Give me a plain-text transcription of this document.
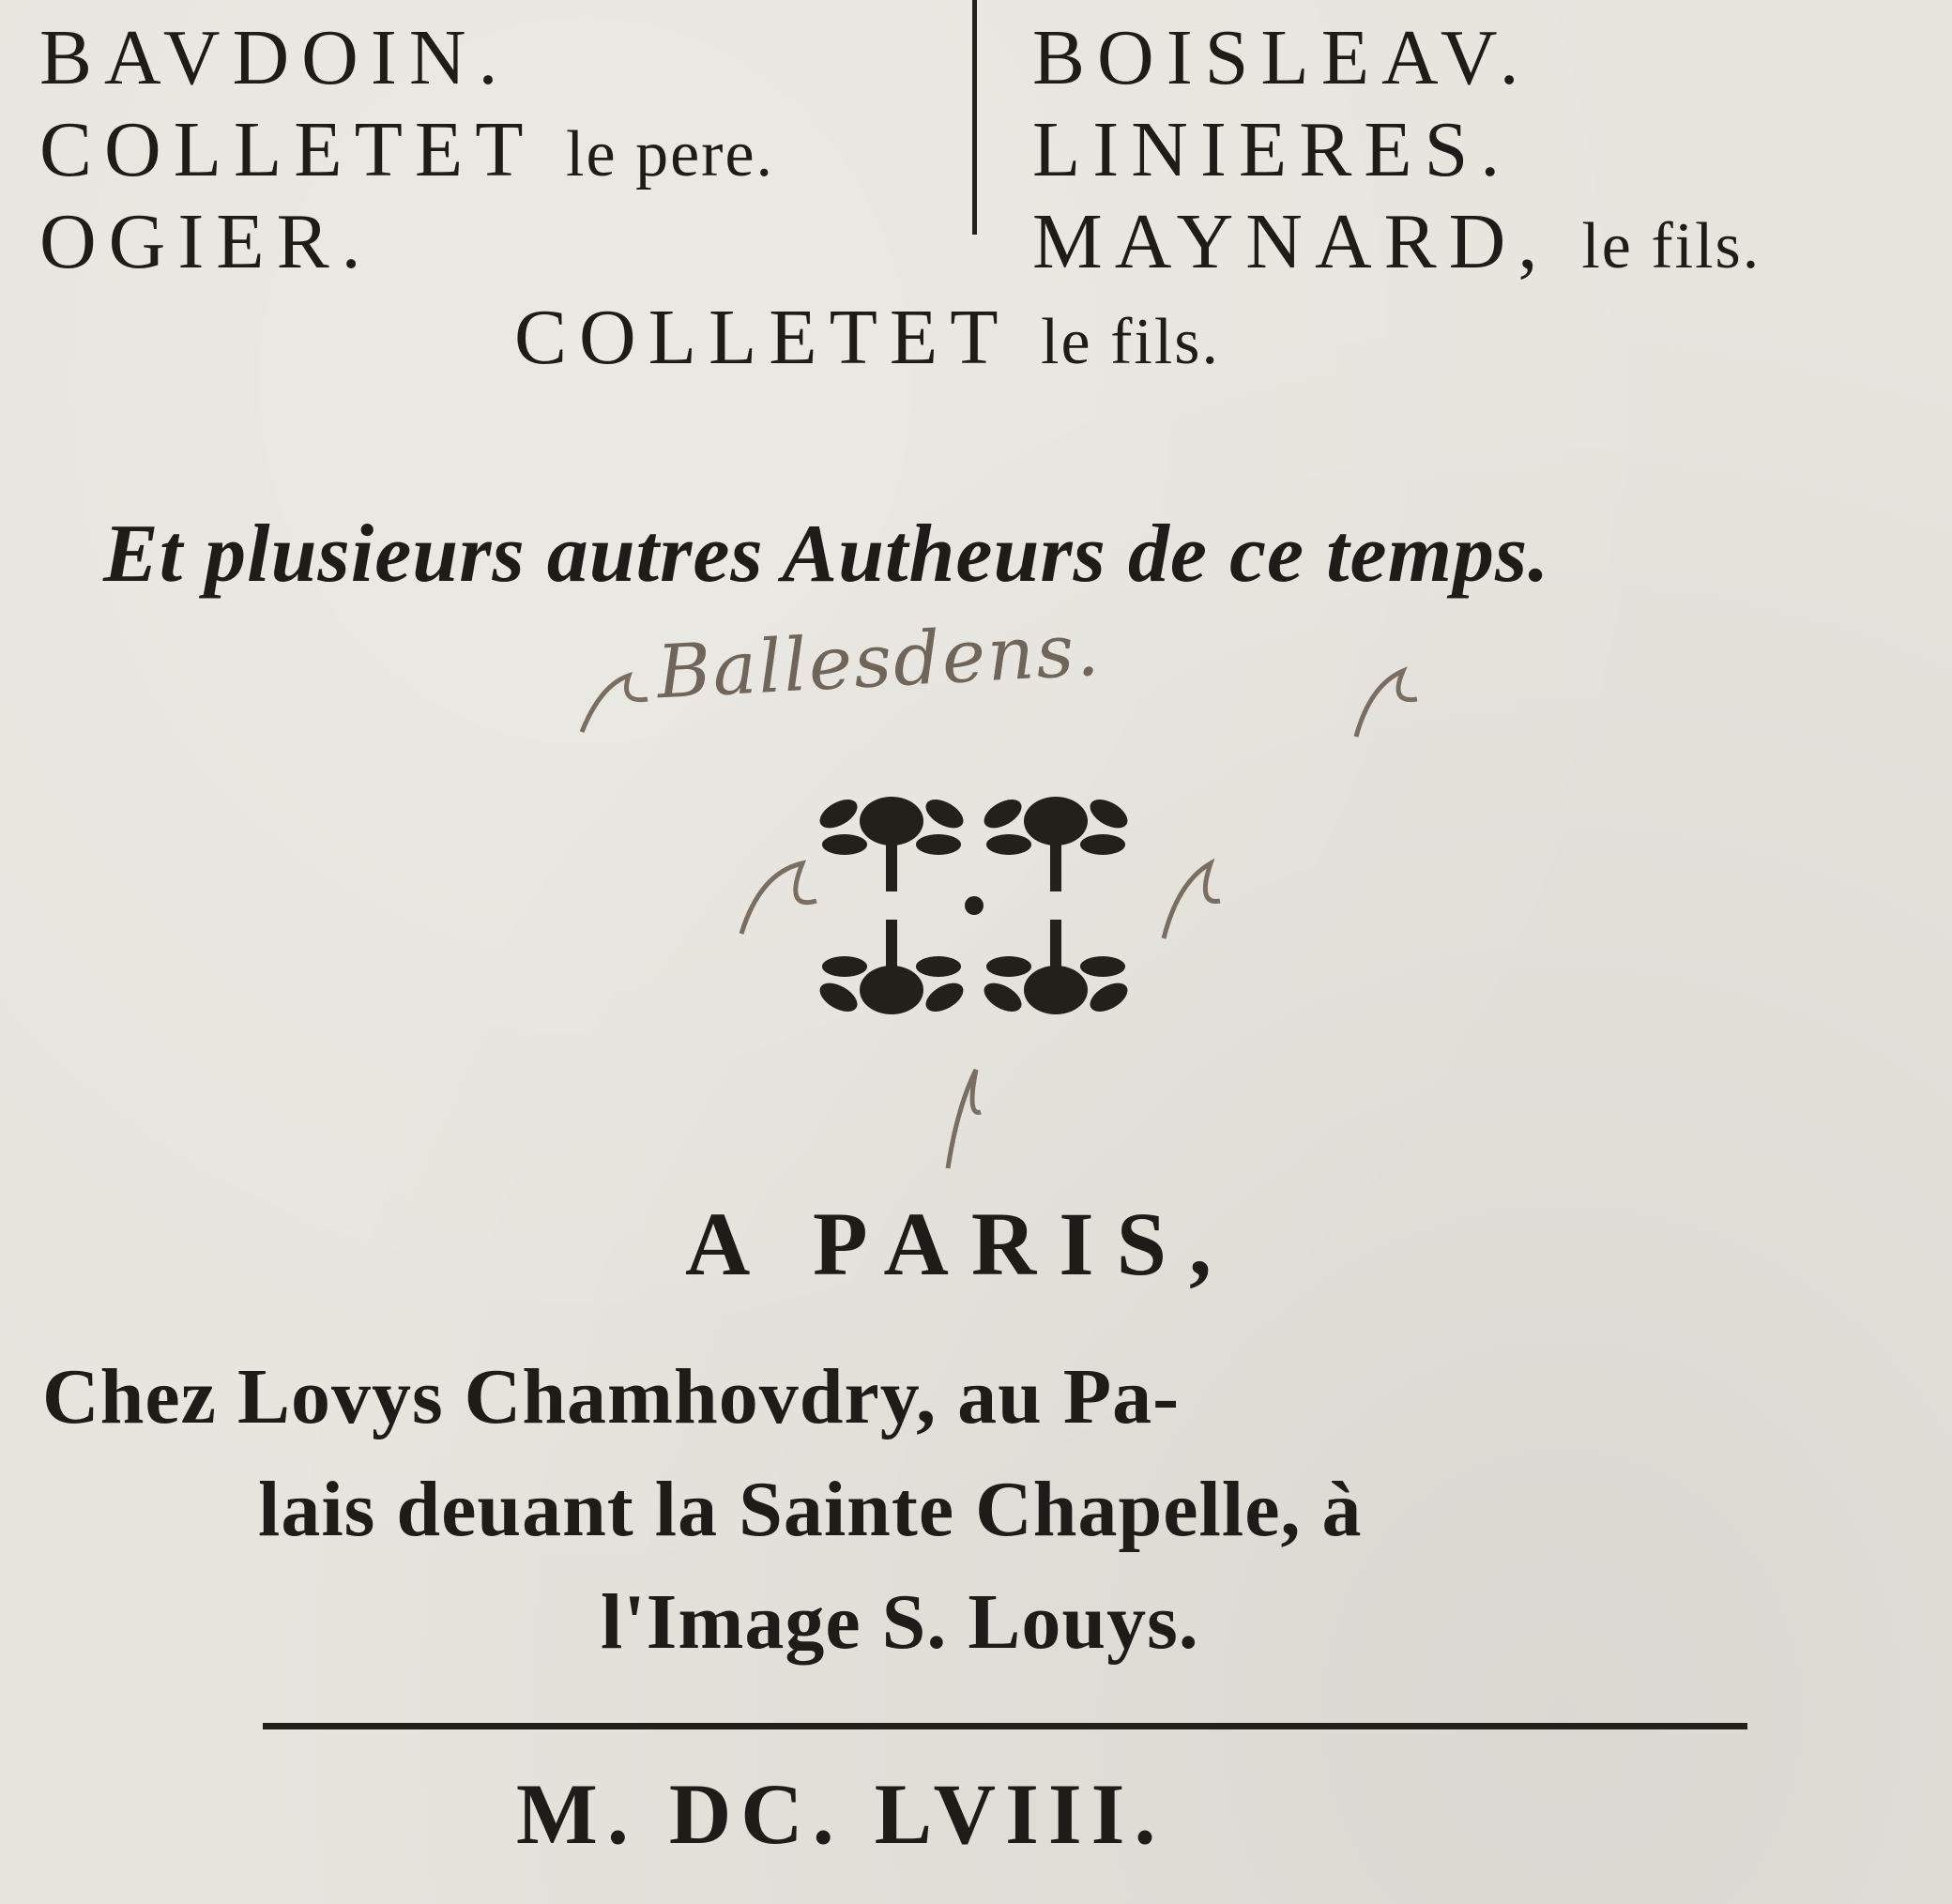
BAVDOIN.
COLLETET le pere.
OGIER.
BOISLEAV.
LINIERES.
MAYNARD, le fils.
COLLETET le fils.
Et plusieurs autres Autheurs de ce temps.
Ballesdens.
A PARIS,
Chez Lovys Chamhovdry, au Pa-
lais deuant la Sainte Chapelle, à
l'Image S. Louys.
M. DC. LVIII.
